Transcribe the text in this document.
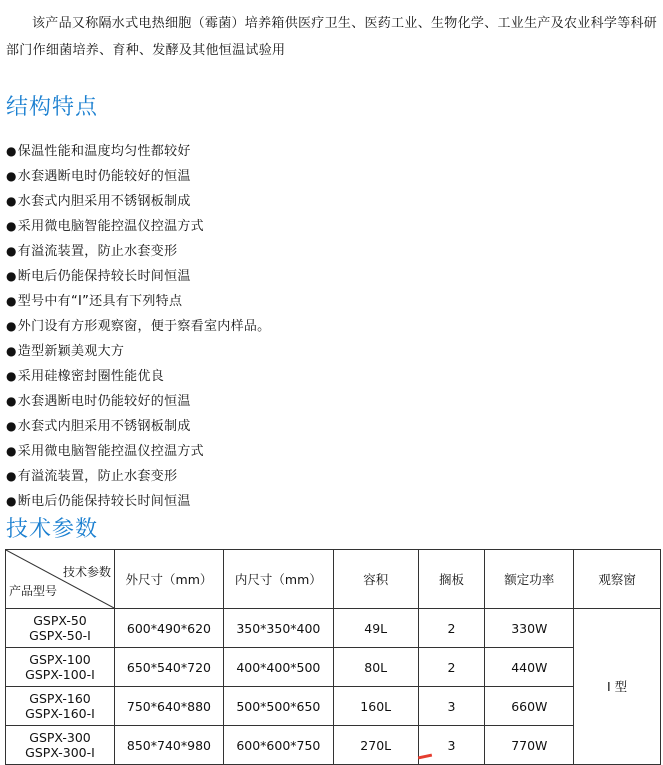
该产品又称隔水式电热细胞（霉菌）培养箱供医疗卫生、医药工业、生物化学、工业生产及农业科学等科研部门作细菌培养、育种、发酵及其他恒温试验用
结构特点
● 保温性能和温度均匀性都较好
● 水套遇断电时仍能较好的恒温
● 水套式内胆采用不锈钢板制成
● 采用微电脑智能控温仪控温方式
● 有溢流装置，防止水套变形
● 断电后仍能保持较长时间恒温
● 型号中有“I”还具有下列特点
● 外门设有方形观察窗，便于察看室内样品。
● 造型新颖美观大方
● 采用硅橡密封圈性能优良
● 水套遇断电时仍能较好的恒温
● 水套式内胆采用不锈钢板制成
● 采用微电脑智能控温仪控温方式
● 有溢流装置，防止水套变形
● 断电后仍能保持较长时间恒温
技术参数
技术参数
产品型号	外尺寸（mm）	内尺寸（mm）	容积	搁板	额定功率	观察窗
GSPX-50
GSPX-50-I	600*490*620	350*350*400	49L	2	330W	I 型
GSPX-100
GSPX-100-I	650*540*720	400*400*500	80L	2	440W	
GSPX-160
GSPX-160-I	750*640*880	500*500*650	160L	3	660W	
GSPX-300
GSPX-300-I	850*740*980	600*600*750	270L	3	770W	
